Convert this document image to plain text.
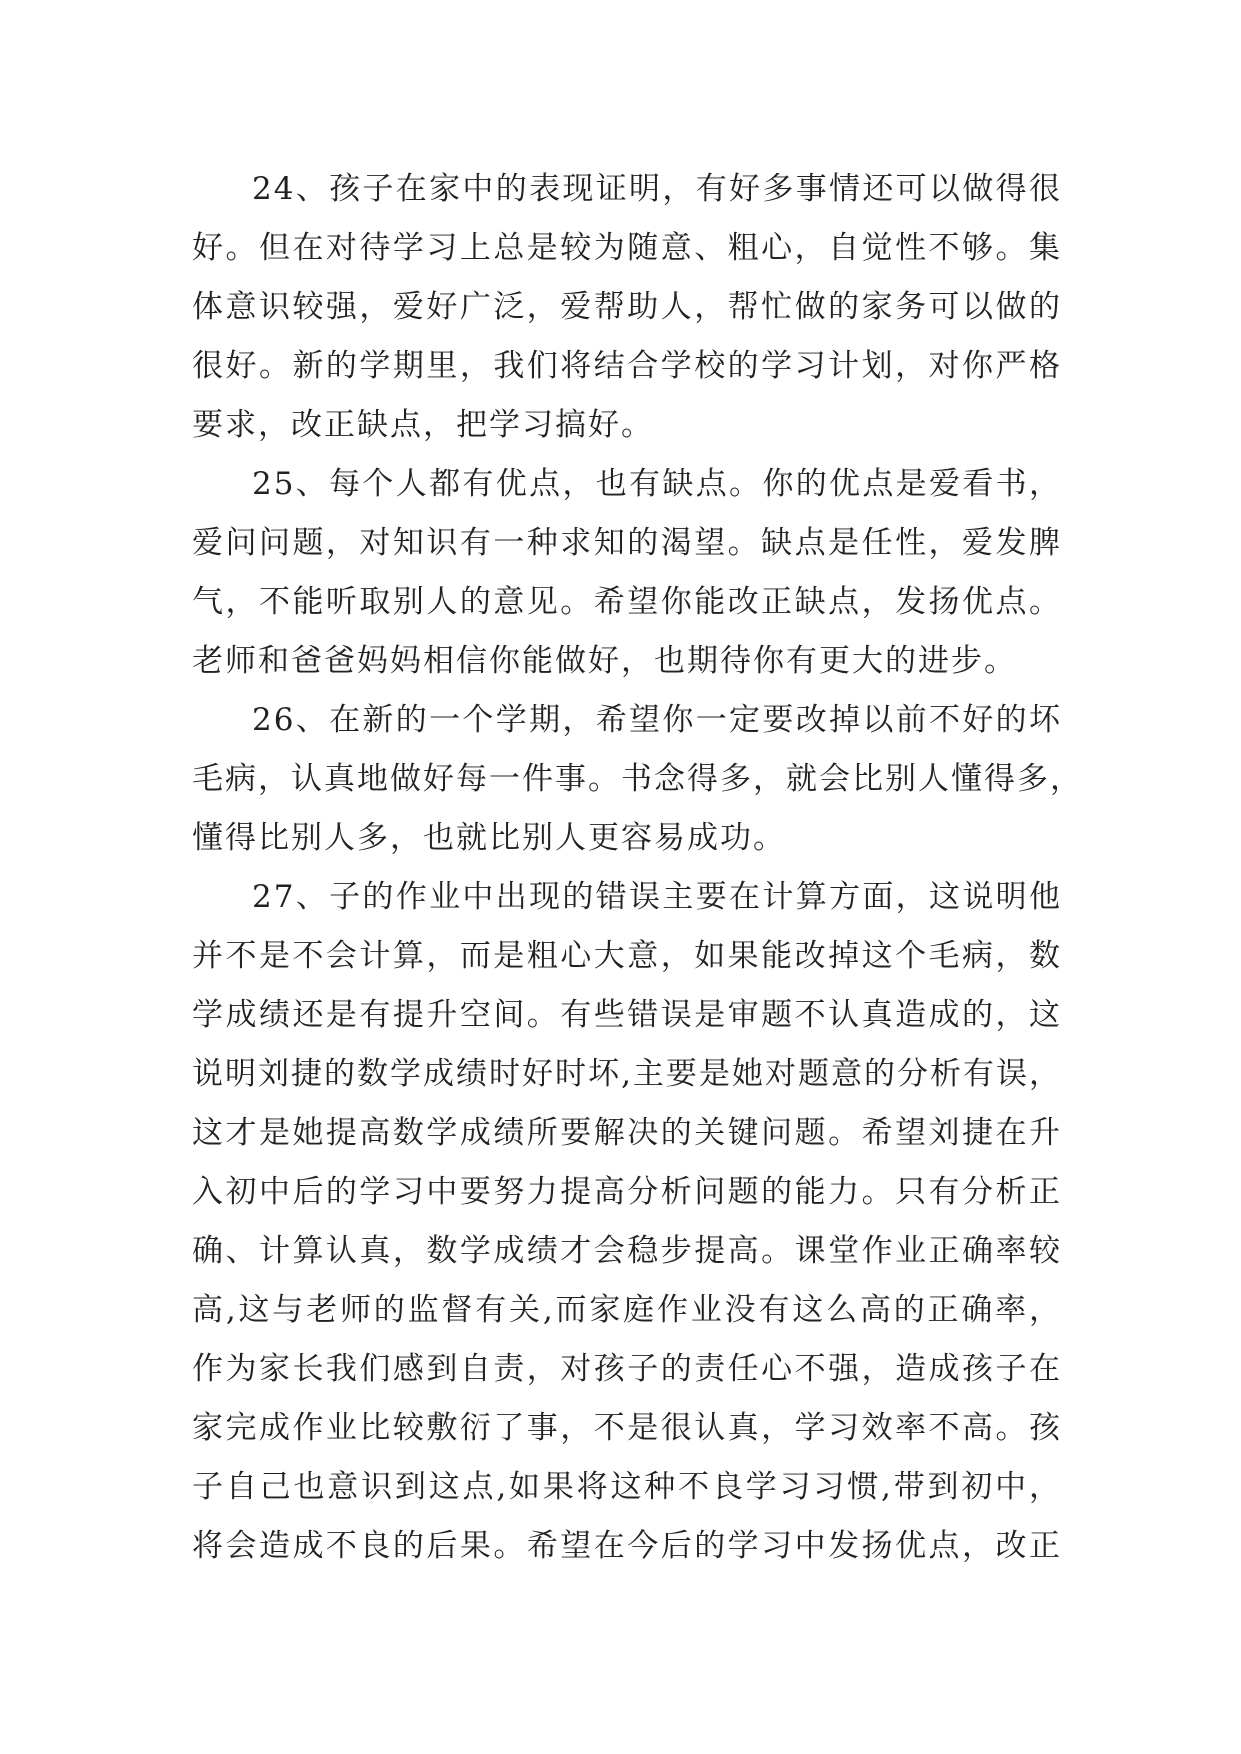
24、孩子在家中的表现证明，有好多事情还可以做得很
好。但在对待学习上总是较为随意、粗心，自觉性不够。集
体意识较强，爱好广泛，爱帮助人，帮忙做的家务可以做的
很好。新的学期里，我们将结合学校的学习计划，对你严格
要求，改正缺点，把学习搞好。
25、每个人都有优点，也有缺点。你的优点是爱看书，
爱问问题，对知识有一种求知的渴望。缺点是任性，爱发脾
气，不能听取别人的意见。希望你能改正缺点，发扬优点。
老师和爸爸妈妈相信你能做好，也期待你有更大的进步。
26、在新的一个学期，希望你一定要改掉以前不好的坏
毛病，认真地做好每一件事。书念得多，就会比别人懂得多，
懂得比别人多，也就比别人更容易成功。
27、子的作业中出现的错误主要在计算方面，这说明他
并不是不会计算，而是粗心大意，如果能改掉这个毛病，数
学成绩还是有提升空间。有些错误是审题不认真造成的，这
说明刘捷的数学成绩时好时坏,主要是她对题意的分析有误，
这才是她提高数学成绩所要解决的关键问题。希望刘捷在升
入初中后的学习中要努力提高分析问题的能力。只有分析正
确、计算认真，数学成绩才会稳步提高。课堂作业正确率较
高,这与老师的监督有关,而家庭作业没有这么高的正确率，
作为家长我们感到自责，对孩子的责任心不强，造成孩子在
家完成作业比较敷衍了事，不是很认真，学习效率不高。孩
子自己也意识到这点,如果将这种不良学习习惯,带到初中，
将会造成不良的后果。希望在今后的学习中发扬优点，改正
